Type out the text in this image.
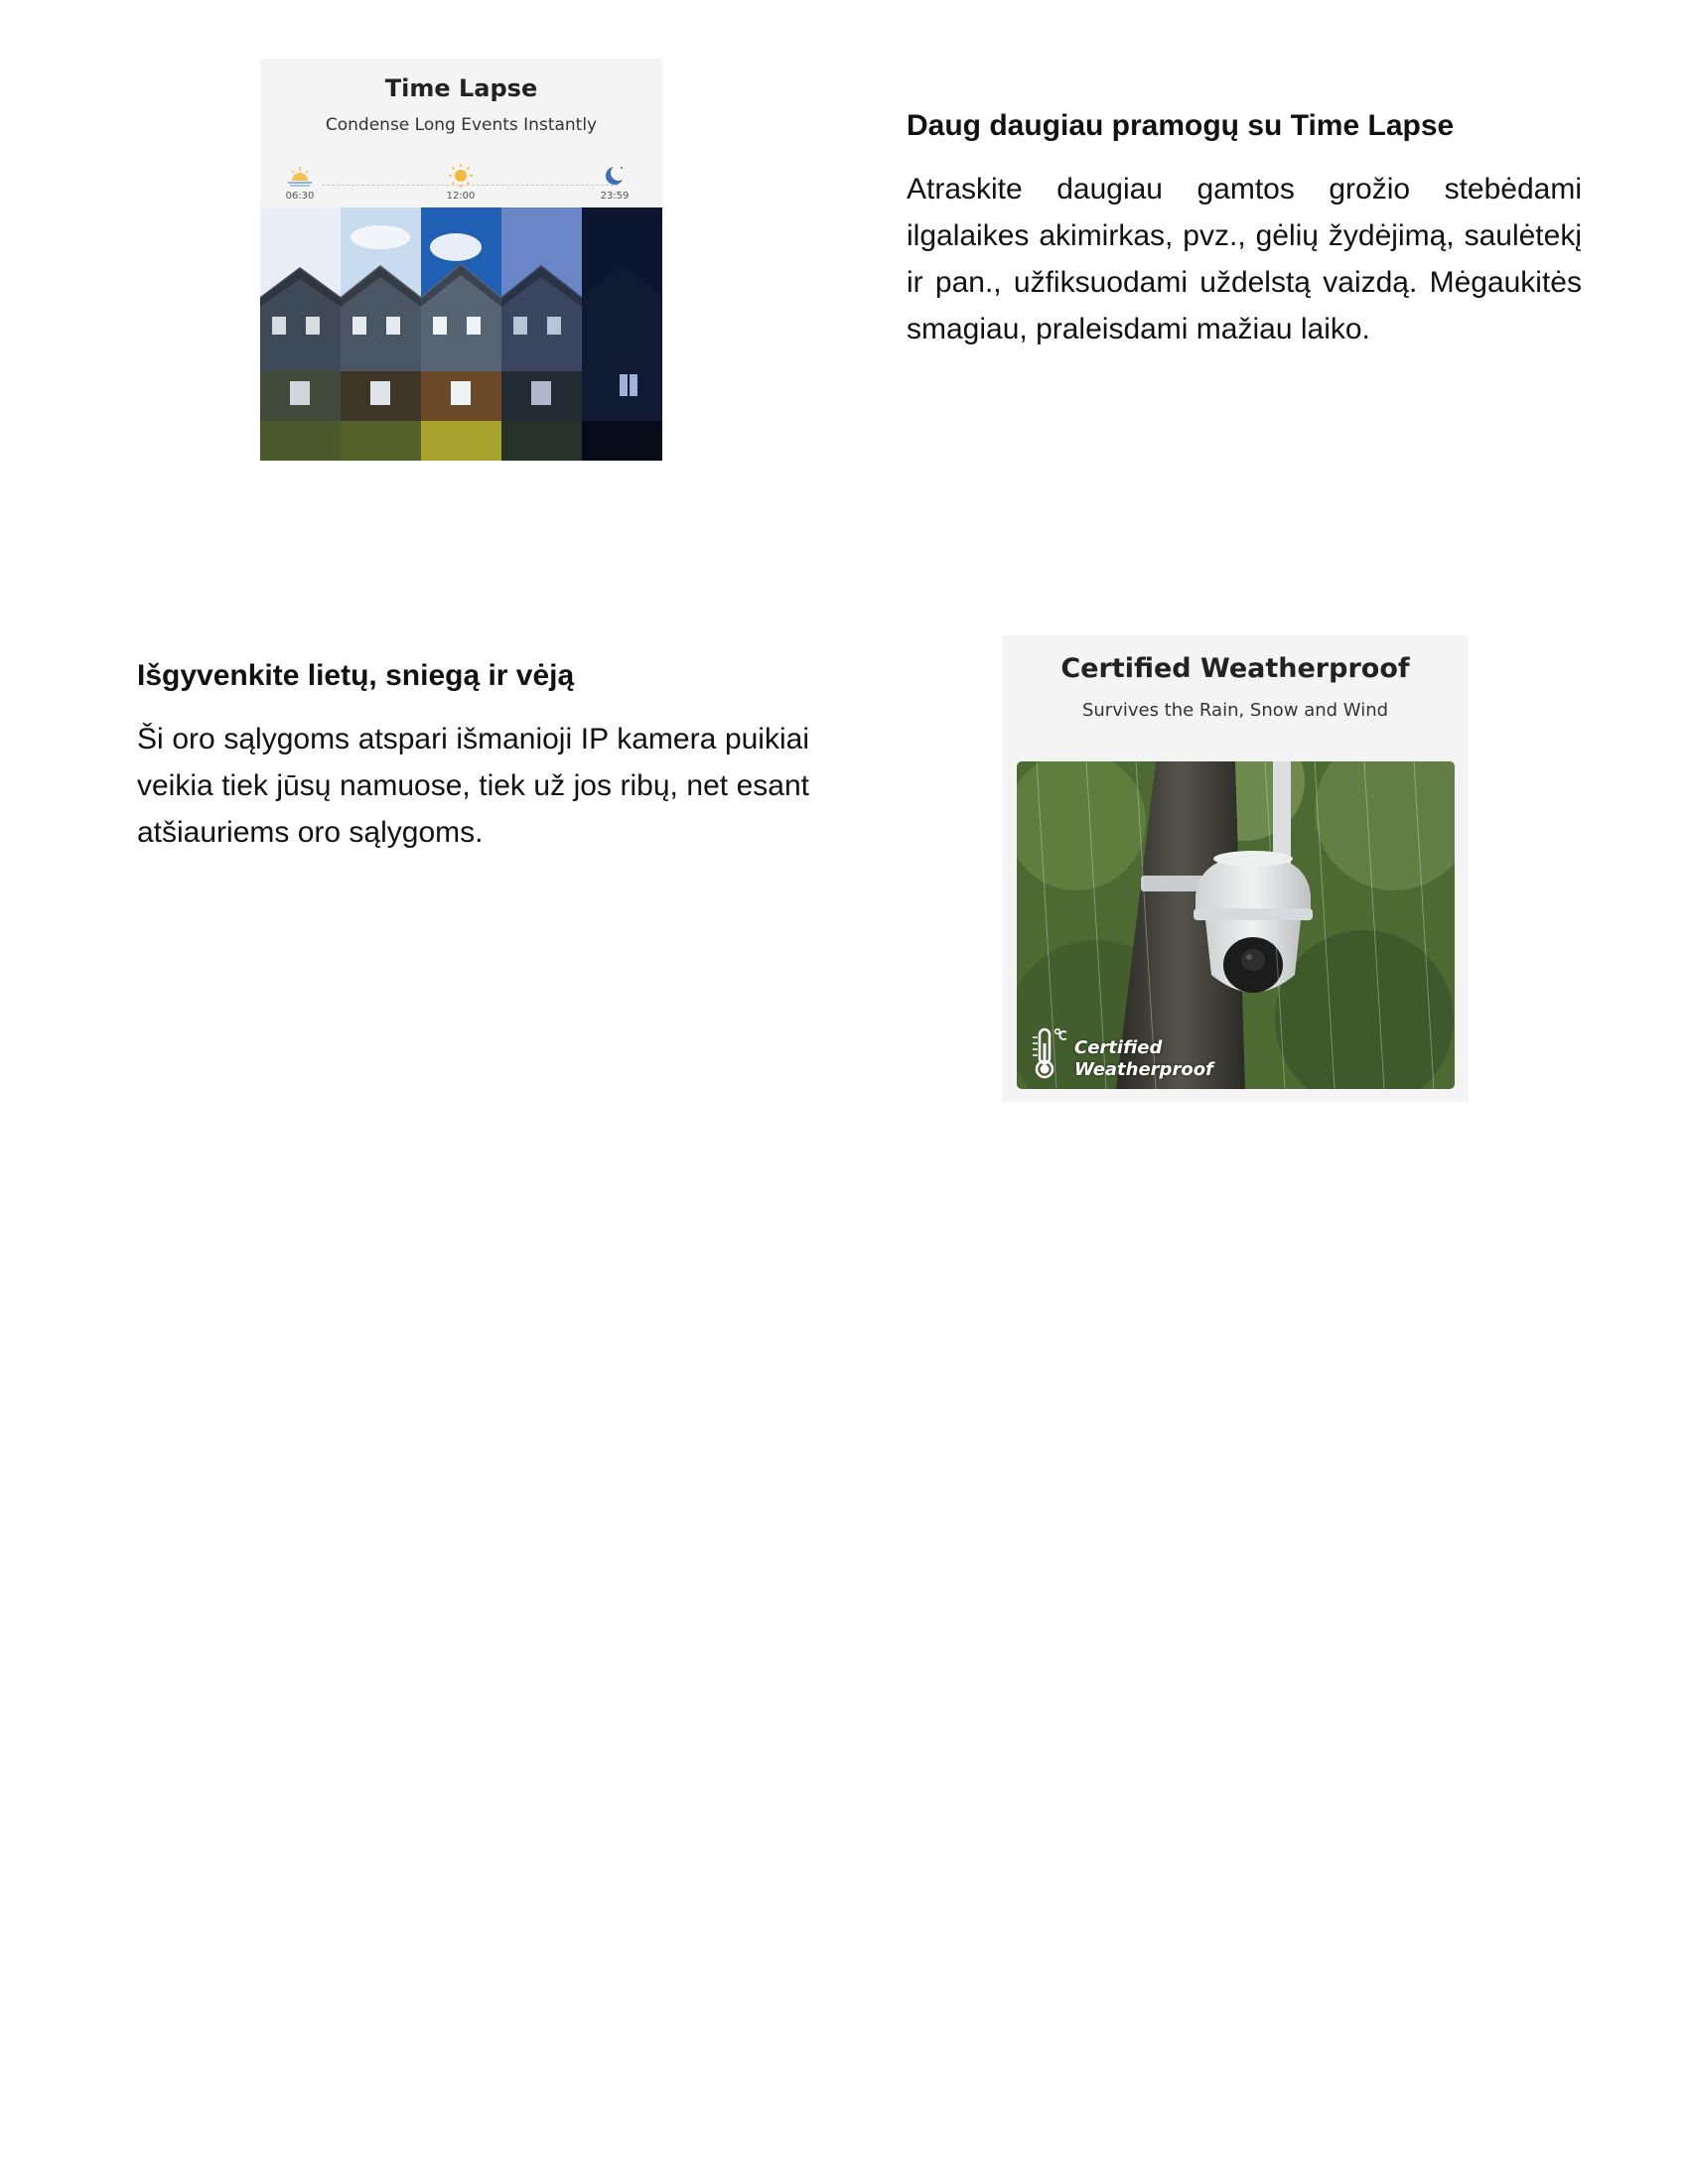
Time Lapse
Condense Long Events Instantly
06:30	12:00	23:59
Daug daugiau pramogų su Time Lapse

Atraskite daugiau gamtos grožio stebėdami ilgalaikes akimirkas, pvz., gėlių žydėjimą, saulėtekį ir pan., užfiksuodami uždelstą vaizdą. Mėgaukitės smagiau, praleisdami mažiau laiko.

Išgyvenkite lietų, sniegą ir vėją

Ši oro sąlygoms atspari išmanioji IP kamera puikiai veikia tiek jūsų namuose, tiek už jos ribų, net esant atšiauriems oro sąlygoms.

Certified Weatherproof
Survives the Rain, Snow and Wind
Certified
Weatherproof
